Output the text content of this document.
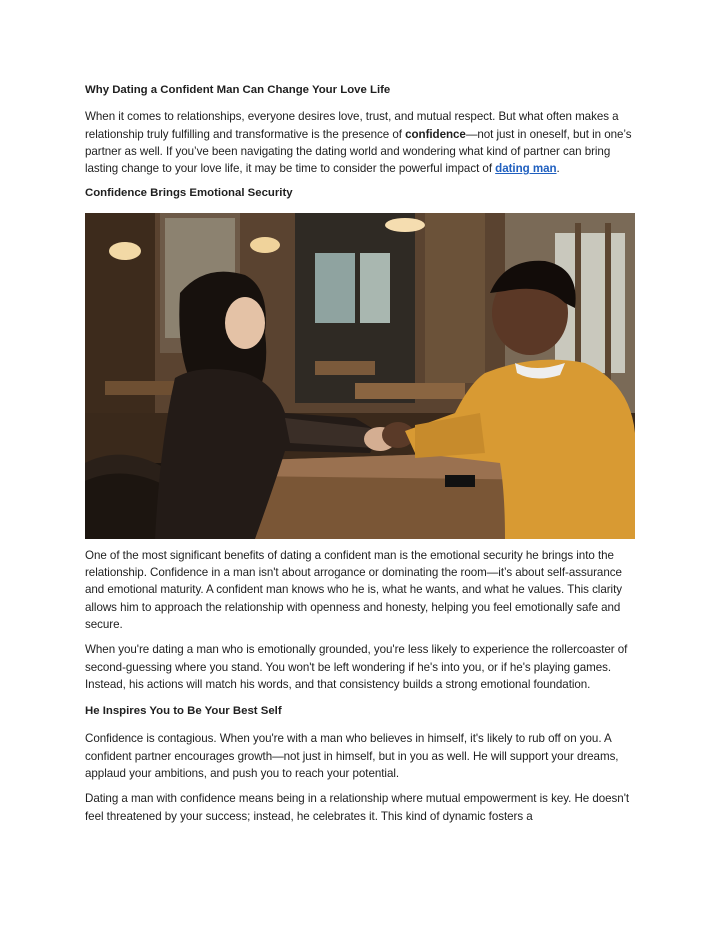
Why Dating a Confident Man Can Change Your Love Life

When it comes to relationships, everyone desires love, trust, and mutual respect. But what often makes a relationship truly fulfilling and transformative is the presence of confidence—not just in oneself, but in one’s partner as well. If you’ve been navigating the dating world and wondering what kind of partner can bring lasting change to your love life, it may be time to consider the powerful impact of dating man.

Confidence Brings Emotional Security

One of the most significant benefits of dating a confident man is the emotional security he brings into the relationship. Confidence in a man isn't about arrogance or dominating the room—it’s about self-assurance and emotional maturity. A confident man knows who he is, what he wants, and what he values. This clarity allows him to approach the relationship with openness and honesty, helping you feel emotionally safe and secure.

When you're dating a man who is emotionally grounded, you're less likely to experience the rollercoaster of second-guessing where you stand. You won't be left wondering if he's into you, or if he's playing games. Instead, his actions will match his words, and that consistency builds a strong emotional foundation.

He Inspires You to Be Your Best Self

Confidence is contagious. When you're with a man who believes in himself, it's likely to rub off on you. A confident partner encourages growth—not just in himself, but in you as well. He will support your dreams, applaud your ambitions, and push you to reach your potential.

Dating a man with confidence means being in a relationship where mutual empowerment is key. He doesn't feel threatened by your success; instead, he celebrates it. This kind of dynamic fosters a
